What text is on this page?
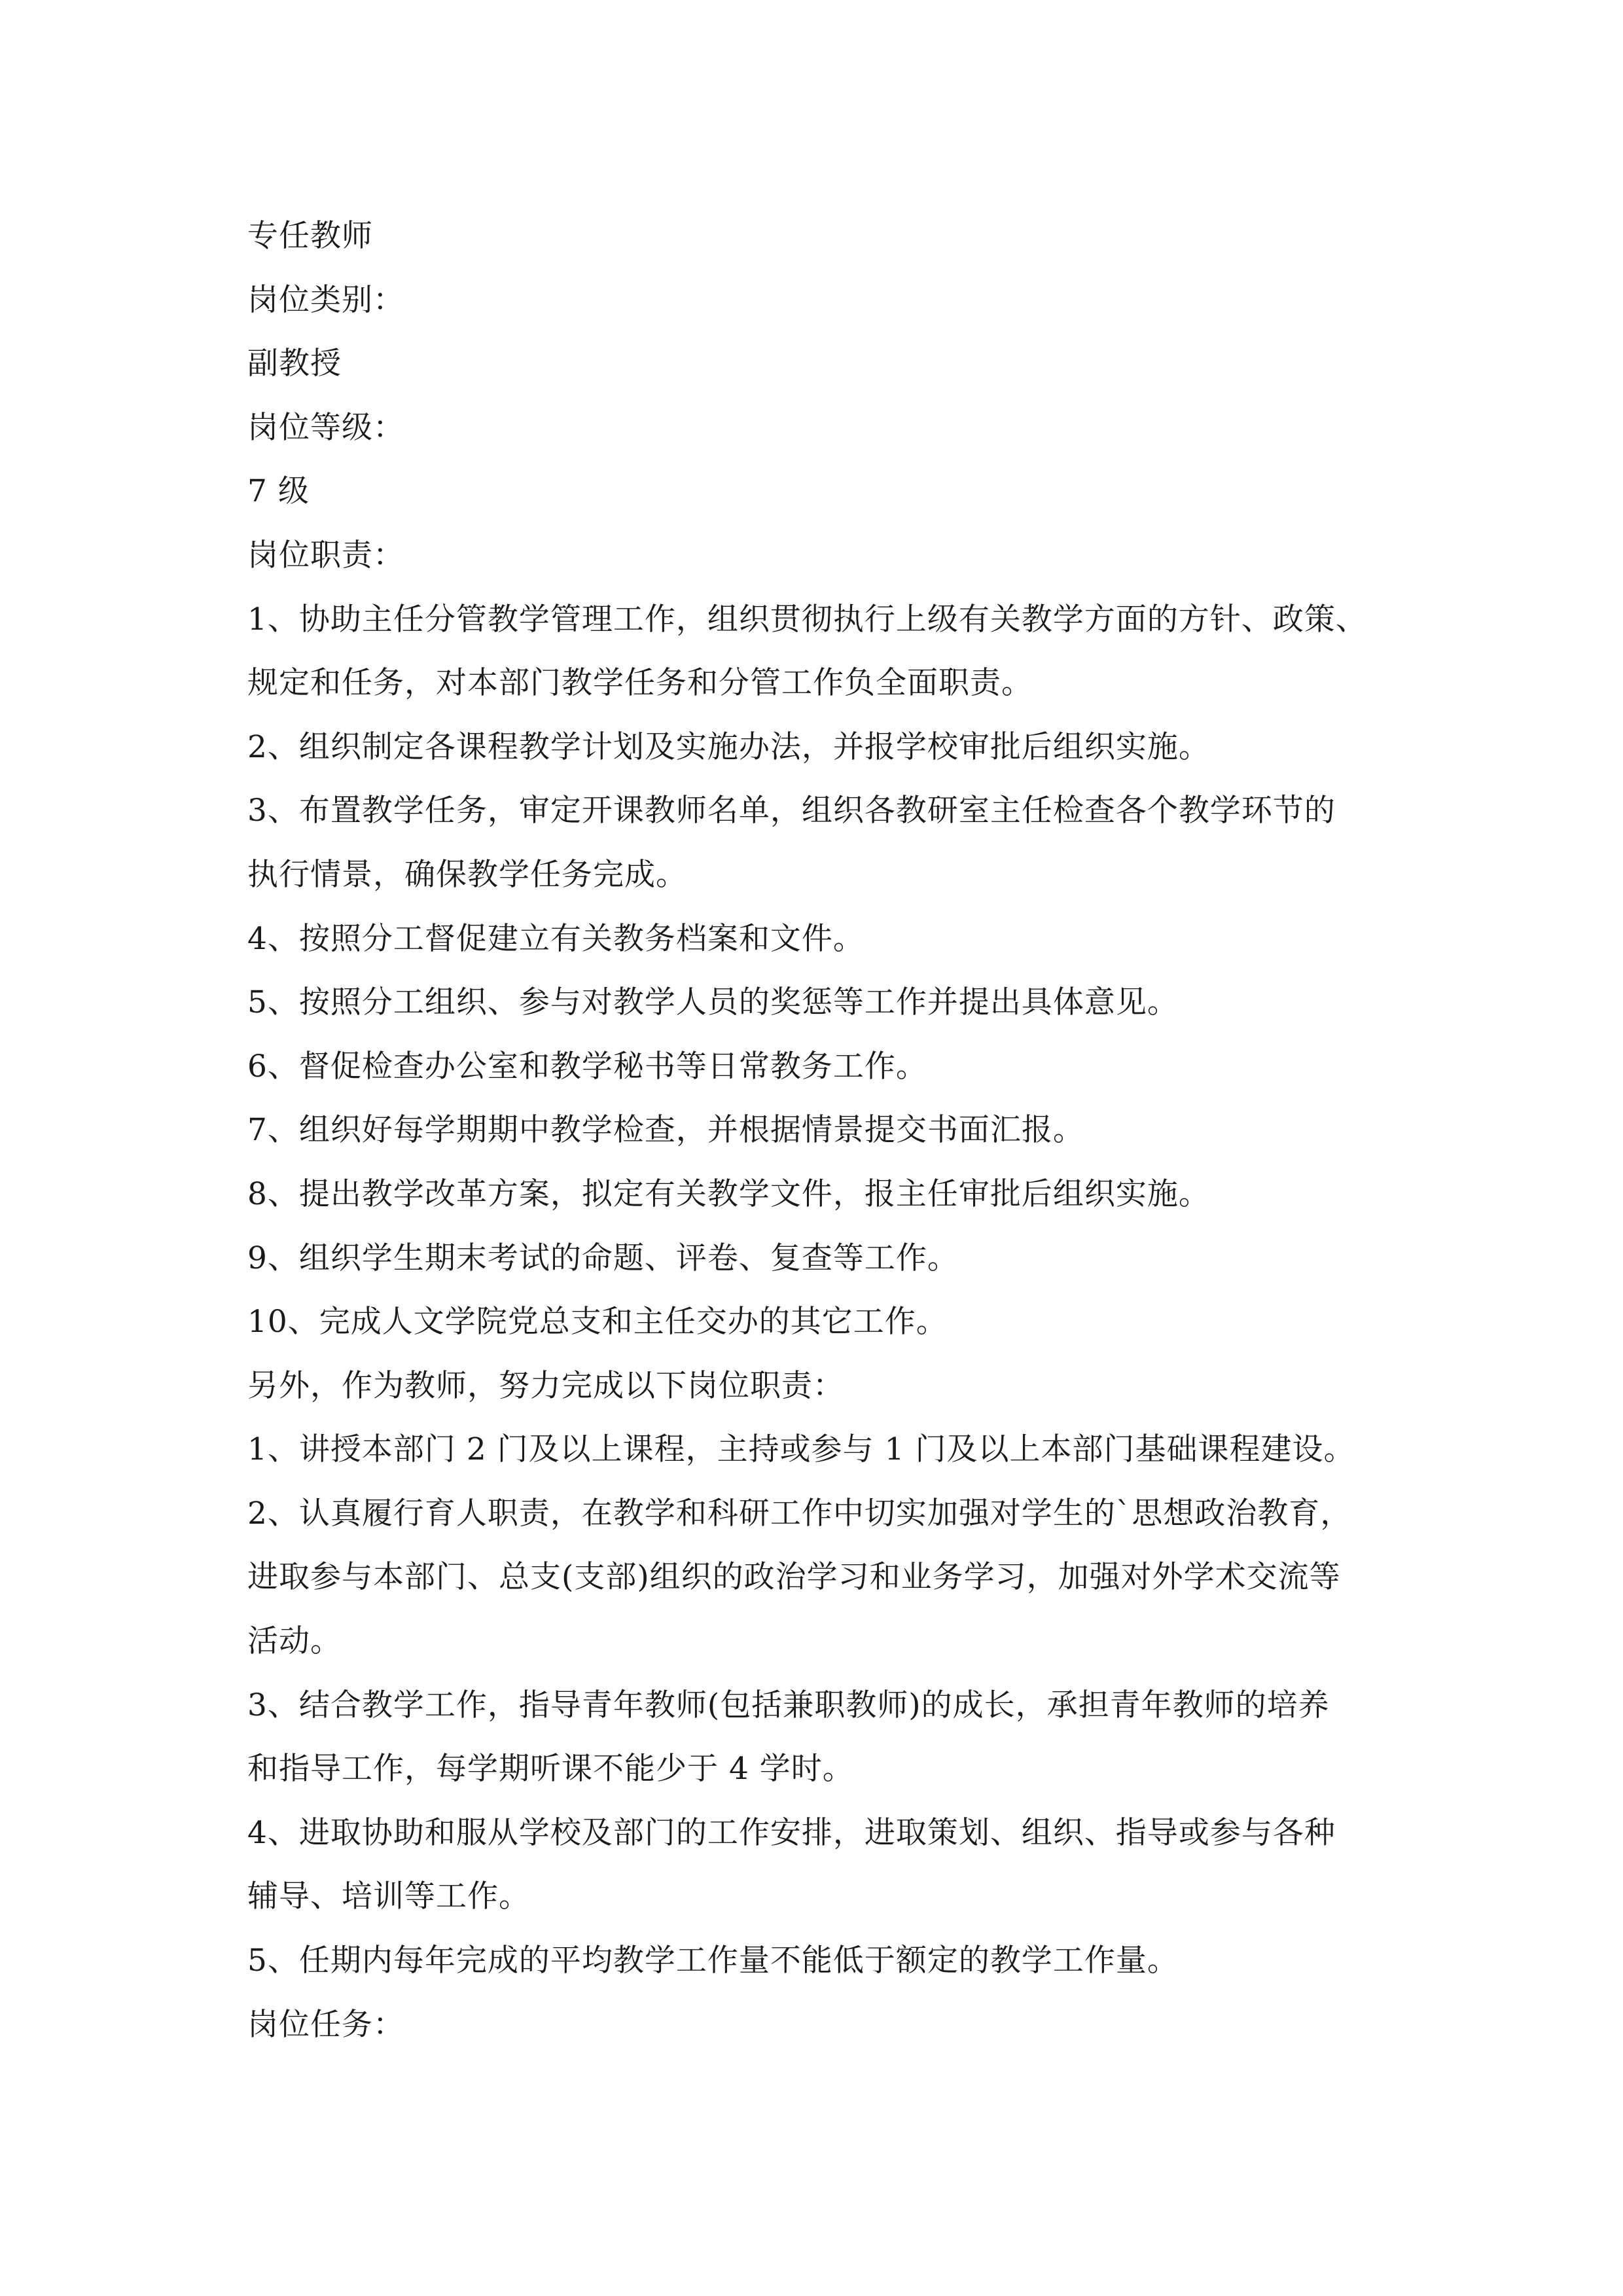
专任教师

岗位类别：

副教授

岗位等级：

7 级

岗位职责：

1、协助主任分管教学管理工作，组织贯彻执行上级有关教学方面的方针、政策、

规定和任务，对本部门教学任务和分管工作负全面职责。

2、组织制定各课程教学计划及实施办法，并报学校审批后组织实施。

3、布置教学任务，审定开课教师名单，组织各教研室主任检查各个教学环节的

执行情景，确保教学任务完成。

4、按照分工督促建立有关教务档案和文件。

5、按照分工组织、参与对教学人员的奖惩等工作并提出具体意见。

6、督促检查办公室和教学秘书等日常教务工作。

7、组织好每学期期中教学检查，并根据情景提交书面汇报。

8、提出教学改革方案，拟定有关教学文件，报主任审批后组织实施。

9、组织学生期末考试的命题、评卷、复查等工作。

10、完成人文学院党总支和主任交办的其它工作。

另外，作为教师，努力完成以下岗位职责：

1、讲授本部门 2 门及以上课程，主持或参与 1 门及以上本部门基础课程建设。

2、认真履行育人职责，在教学和科研工作中切实加强对学生的`思想政治教育，

进取参与本部门、总支(支部)组织的政治学习和业务学习，加强对外学术交流等

活动。

3、结合教学工作，指导青年教师(包括兼职教师)的成长，承担青年教师的培养

和指导工作，每学期听课不能少于 4 学时。

4、进取协助和服从学校及部门的工作安排，进取策划、组织、指导或参与各种

辅导、培训等工作。

5、任期内每年完成的平均教学工作量不能低于额定的教学工作量。

岗位任务：
